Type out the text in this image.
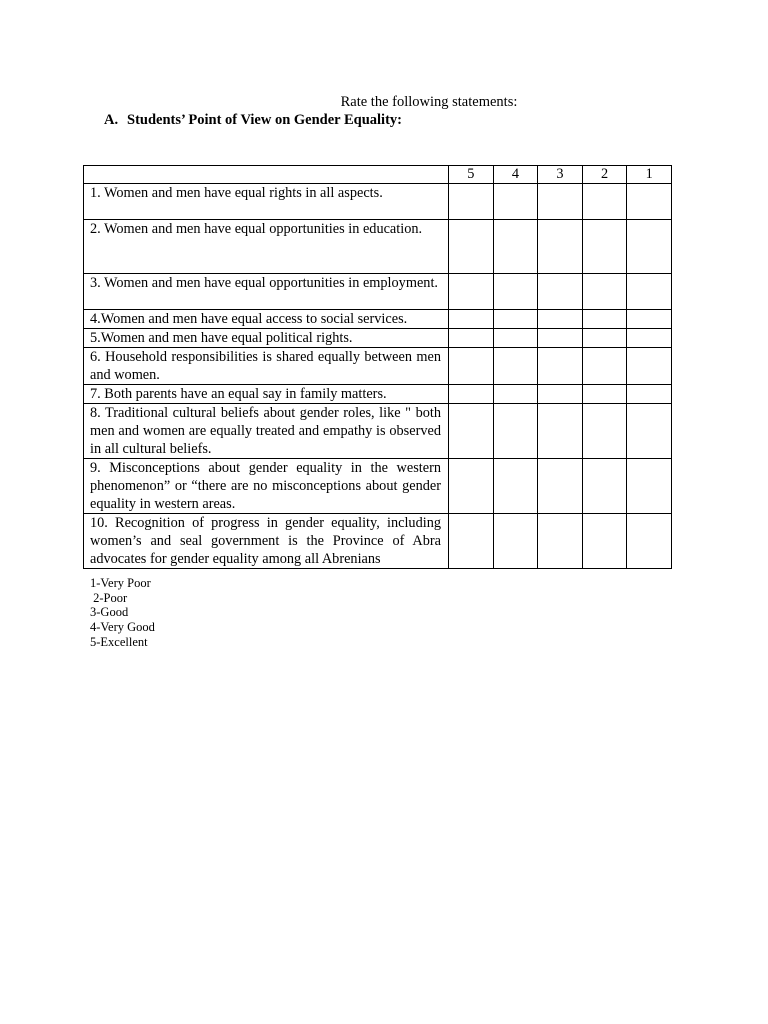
Rate the following statements:
A. Students’ Point of View on Gender Equality:
	5	4	3	2	1

1. Women and men have equal rights in all aspects.					

2. Women and men have equal opportunities in education.					

3. Women and men have equal opportunities in employment.					

4.Women and men have equal access to social services.					

5.Women and men have equal political rights.					

6. Household responsibilities is shared equally between men and women.					

7. Both parents have an equal say in family matters.					

8. Traditional cultural beliefs about gender roles, like " both men and women are equally treated and empathy is observed in all cultural beliefs.					

9. Misconceptions about gender equality in the western phenomenon” or “there are no misconceptions about gender equality in western areas.					

10. Recognition of progress in gender equality, including women’s and seal government is the Province of Abra advocates for gender equality among all Abrenians					

1-Very Poor
2-Poor
3-Good
4-Very Good
5-Excellent
